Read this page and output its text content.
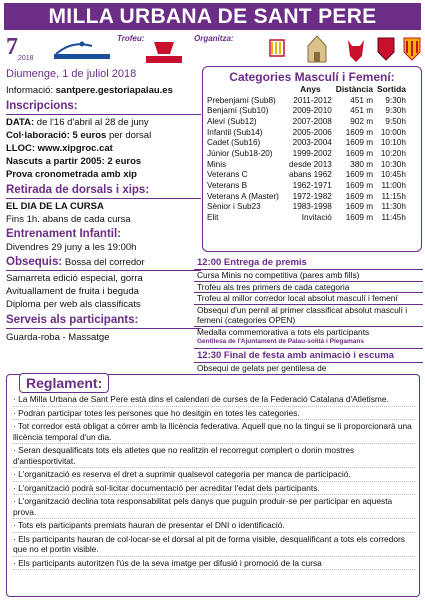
MILLA URBANA DE SANT PERE
7 2018
Trofeu:	Organitza:
Diumenge, 1 de juliol 2018
Informació: santpere.gestoriapalau.es
Inscripcions:
DATA: de l'16 d'abril al 28 de juny
Col·laboració: 5 euros per dorsal
LLOC: www.xipgroc.cat
Nascuts a partir 2005: 2 euros
Prova cronometrada amb xip
Retirada de dorsals i xips:
EL DIA DE LA CURSA
Fins 1h. abans de cada cursa
Entrenament Infantil:
Divendres 29 juny a les 19:00h
Obsequis: Bossa del corredor
Samarreta edició especial, gorra
Avituallament de fruita i beguda
Diploma per web als classificats
Serveis als participants:
Guarda-roba - Massatge
Categories Masculí i Femení:
	Anys	Distància	Sortida
Prebenjamí (Sub8)	2011-2012	451 m	9:30h
Benjamí (Sub10)	2009-2010	451 m	9:30h
Aleví (Sub12)	2007-2008	902 m	9:50h
Infantil (Sub14)	2005-2006	1609 m	10:00h
Cadet (Sub16)	2003-2004	1609 m	10:10h
Júnior (Sub18-20)	1999-2002	1609 m	10:20h
Minis	desde 2013	380 m	10:30h
Veterans C	abans 1962	1609 m	10:45h
Veterans B	1962-1971	1609 m	11:00h
Veterans A (Master)	1972-1982	1609 m	11:15h
Sènior i Sub23	1983-1998	1609 m	11:30h
Elit	Invitació	1609 m	11:45h
12:00 Entrega de premis
Cursa Minis no competitiva (pares amb fills)
Trofeu als tres primers de cada categoria
Trofeu al millor corredor local absolut masculí i femení
Obsequi d'un pernil al primer classificat absolut masculí i femení (categories OPEN)
Medalla commemorativa a tots els participants
Gentilesa de l'Ajuntament de Palau-solità i Plegamans
12:30 Final de festa amb animació i escuma
Obsequi de gelats per gentilesa de
Reglament:
· La Milla Urbana de Sant Pere està dins el calendari de curses de la Federació Catalana d'Atletisme.
· Podran participar totes les persones que ho desitgin en totes les categories.
· Tot corredor està obligat a córrer amb la llicència federativa. Aquell que no la tingui se li proporcionarà una llicència temporal d'un dia.
· Seran desqualificats tots els atletes que no realitzin el recorregut complert o donin mostres d'antiesportivitat.
· L'organització es reserva el dret a suprimir qualsevol categoria per manca de participació.
· L'organització podrà sol·licitar documentació per acreditar l'edat dels participants.
· L'organització declina tota responsabilitat pels danys que puguin produir-se per participar en aquesta prova.
· Tots els participants premiats hauran de presentar el DNI o identificació.
· Els participants hauran de col·locar-se el dorsal al pit de forma visible, desqualificant a tots els corredors que no el portin visible.
· Els participants autoritzen l'ús de la seva imatge per difusió i promoció de la cursa
